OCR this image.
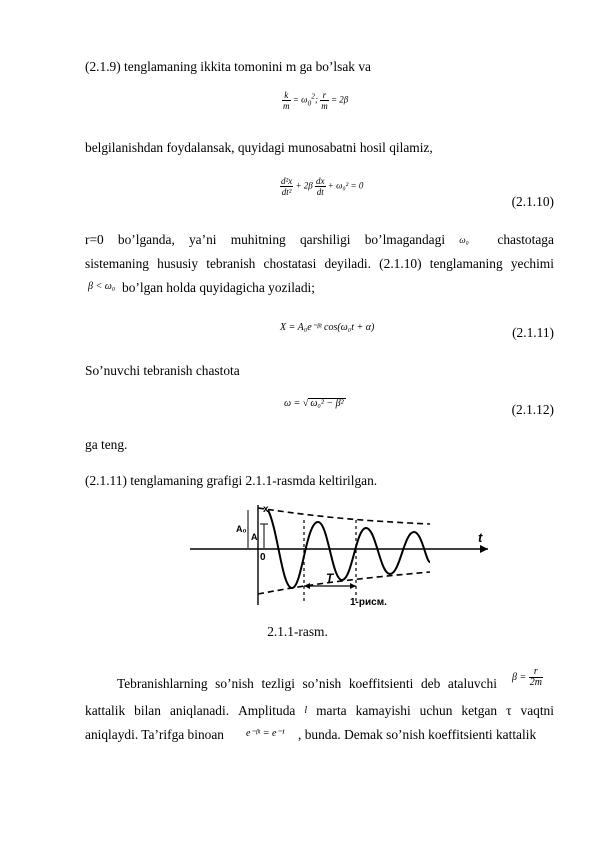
(2.1.9) tenglamaning ikkita tomonini m ga bo’lsak va
$\frac{k}{m} = \omega_0^2$; $\frac{r}{m} = 2\beta$
belgilanishdan foydalansak, quyidagi munosabatni hosil qilamiz,
$\frac{\text{d²x}}{\text{dt²}} + 2\beta \frac{dx}{dt} + \omega_0^2 = 0$
(2.1.10)
r=0 bo’lganda, ya’ni muhitning qarshiligi bo’lmagandagi ω₀	chastotaga
sistemaning hususiy tebranish chostatasi deyiladi. (2.1.10) tenglamaning yechimi
β < ω₀ bo’lgan holda quyidagicha yoziladi;
X = A₀e⁻ᵝᵗ cos(ω₀t + α)	(2.1.11)
So’nuvchi tebranish chastota
ω = √ ω₀² − β²	(2.1.12)
ga teng.
(2.1.11) tenglamaning grafigi 2.1.1-rasmda keltirilgan.
x
A₀
A
0
t
T
1-рисм.
2.1.1-rasm.
Tebranishlarning so’nish tezligi so’nish koeffitsienti deb ataluvchi $\beta = \frac{r}{2m}$
kattalik bilan aniqlanadi. Amplituda l marta kamayishi uchun ketgan τ vaqtni
aniqlaydi. Ta’rifga binoan e⁻ᵝᵗ = e⁻¹ , bunda. Demak so’nish koeffitsienti kattalik
